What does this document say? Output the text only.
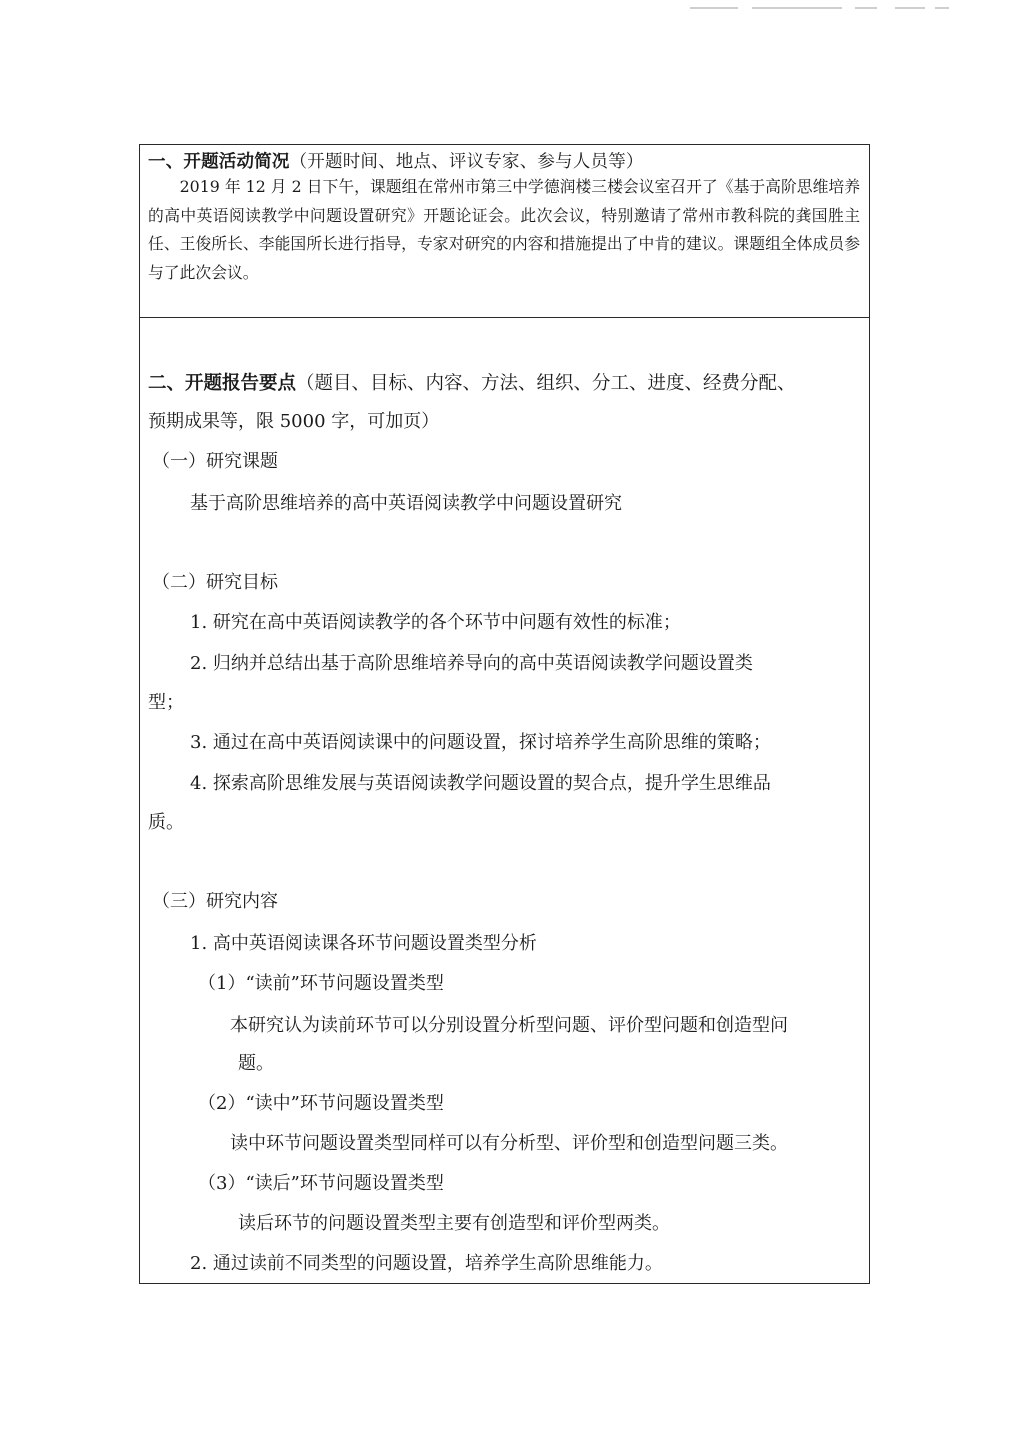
一、开题活动简况（开题时间、地点、评议专家、参与人员等）
2019 年 12 月 2 日下午，课题组在常州市第三中学德润楼三楼会议室召开了《基于高阶思维培养的高中英语阅读教学中问题设置研究》开题论证会。此次会议，特别邀请了常州市教科院的龚国胜主任、王俊所长、李能国所长进行指导，专家对研究的内容和措施提出了中肯的建议。课题组全体成员参与了此次会议。
二、开题报告要点（题目、目标、内容、方法、组织、分工、进度、经费分配、
预期成果等，限 5000 字，可加页）
（一）研究课题
基于高阶思维培养的高中英语阅读教学中问题设置研究
（二）研究目标
1. 研究在高中英语阅读教学的各个环节中问题有效性的标准；
2. 归纳并总结出基于高阶思维培养导向的高中英语阅读教学问题设置类
型；
3. 通过在高中英语阅读课中的问题设置，探讨培养学生高阶思维的策略；
4. 探索高阶思维发展与英语阅读教学问题设置的契合点，提升学生思维品
质。
（三）研究内容
1. 高中英语阅读课各环节问题设置类型分析
（1）“读前”环节问题设置类型
本研究认为读前环节可以分别设置分析型问题、评价型问题和创造型问
题。
（2）“读中”环节问题设置类型
读中环节问题设置类型同样可以有分析型、评价型和创造型问题三类。
（3）“读后”环节问题设置类型
读后环节的问题设置类型主要有创造型和评价型两类。
2. 通过读前不同类型的问题设置，培养学生高阶思维能力。
